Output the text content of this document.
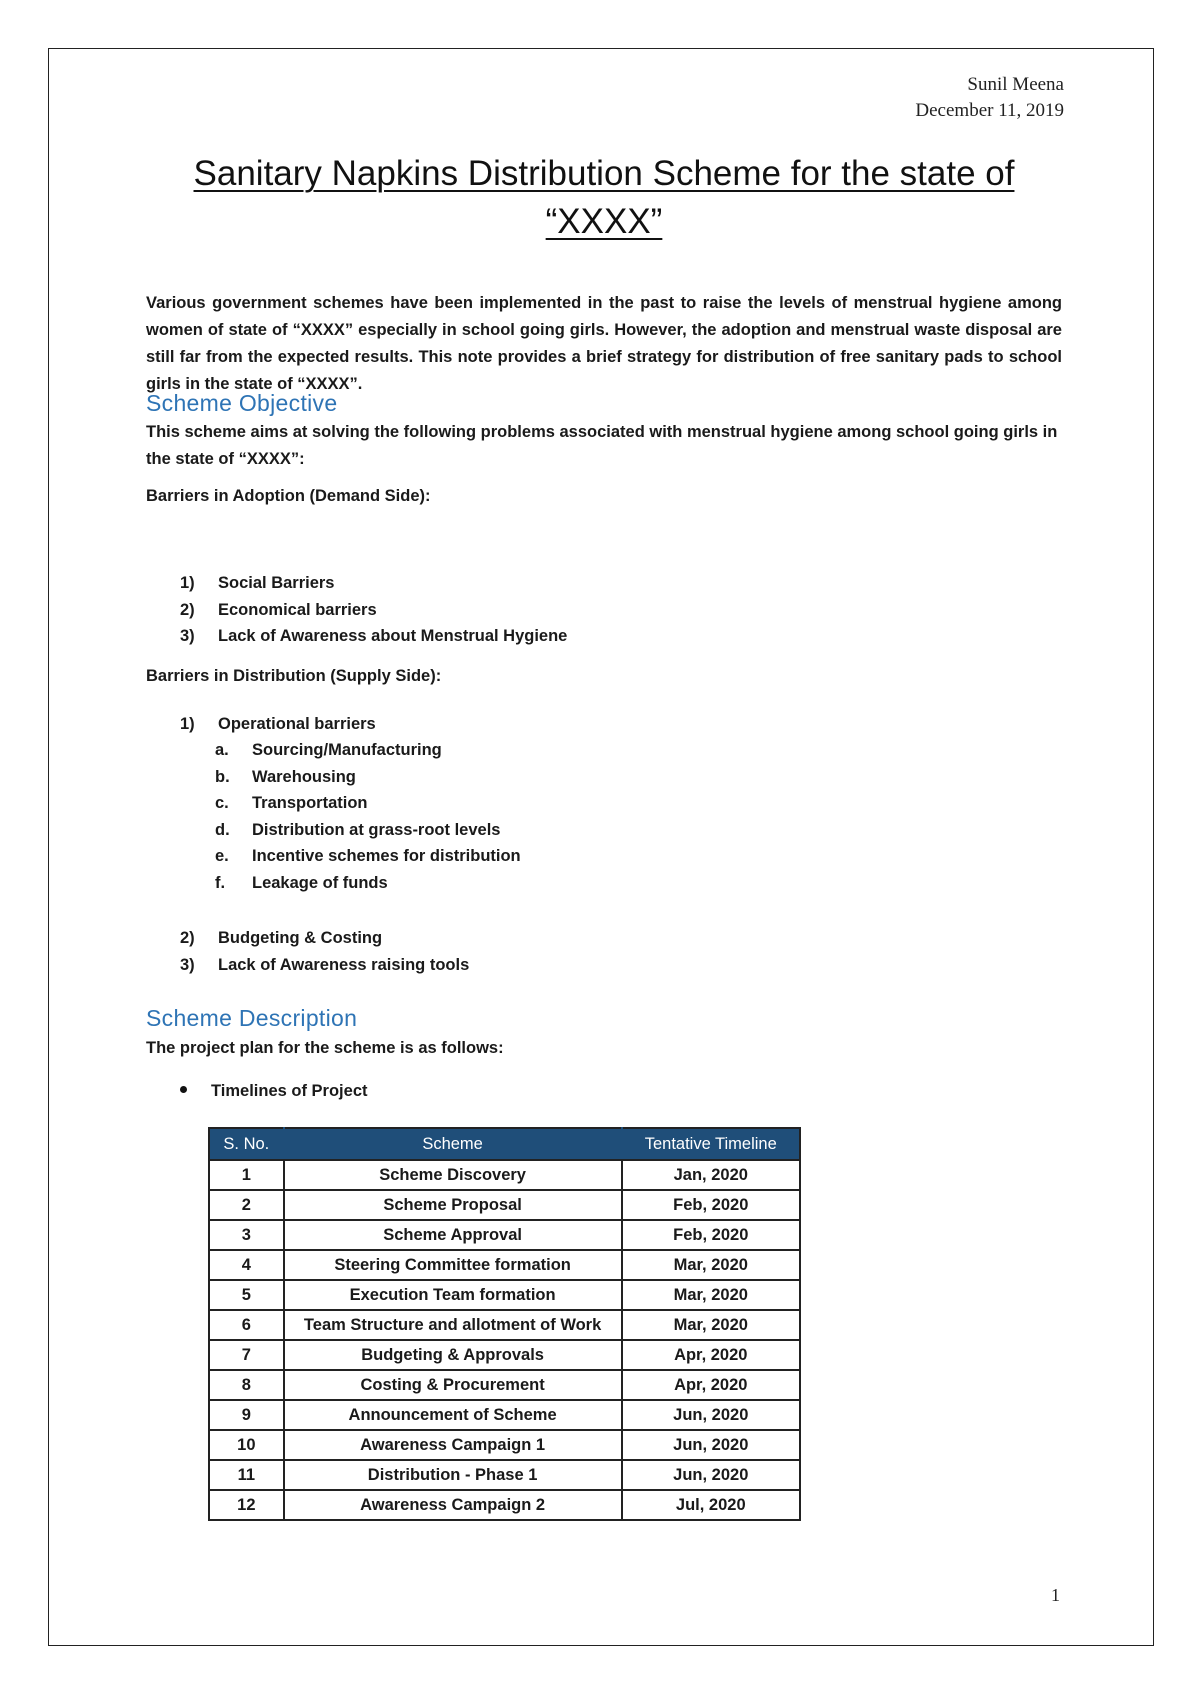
Sunil Meena
December 11, 2019
Sanitary Napkins Distribution Scheme for the state of “XXXX”

Various government schemes have been implemented in the past to raise the levels of menstrual hygiene among women of state of “XXXX” especially in school going girls. However, the adoption and menstrual waste disposal are still far from the expected results. This note provides a brief strategy for distribution of free sanitary pads to school girls in the state of “XXXX”.

Scheme Objective

This scheme aims at solving the following problems associated with menstrual hygiene among school going girls in the state of “XXXX”:

Barriers in Adoption (Demand Side):

1) Social Barriers
2) Economical barriers
3) Lack of Awareness about Menstrual Hygiene

Barriers in Distribution (Supply Side):

1) Operational barriers
a. Sourcing/Manufacturing
b. Warehousing
c. Transportation
d. Distribution at grass-root levels
e. Incentive schemes for distribution
f. Leakage of funds
2) Budgeting & Costing
3) Lack of Awareness raising tools
Scheme Description

The project plan for the scheme is as follows:

Timelines of Project
S. No.	Scheme	Tentative Timeline
1	Scheme Discovery	Jan, 2020
2	Scheme Proposal	Feb, 2020
3	Scheme Approval	Feb, 2020
4	Steering Committee formation	Mar, 2020
5	Execution Team formation	Mar, 2020
6	Team Structure and allotment of Work	Mar, 2020
7	Budgeting & Approvals	Apr, 2020
8	Costing & Procurement	Apr, 2020
9	Announcement of Scheme	Jun, 2020
10	Awareness Campaign 1	Jun, 2020
11	Distribution - Phase 1	Jun, 2020
12	Awareness Campaign 2	Jul, 2020
1
